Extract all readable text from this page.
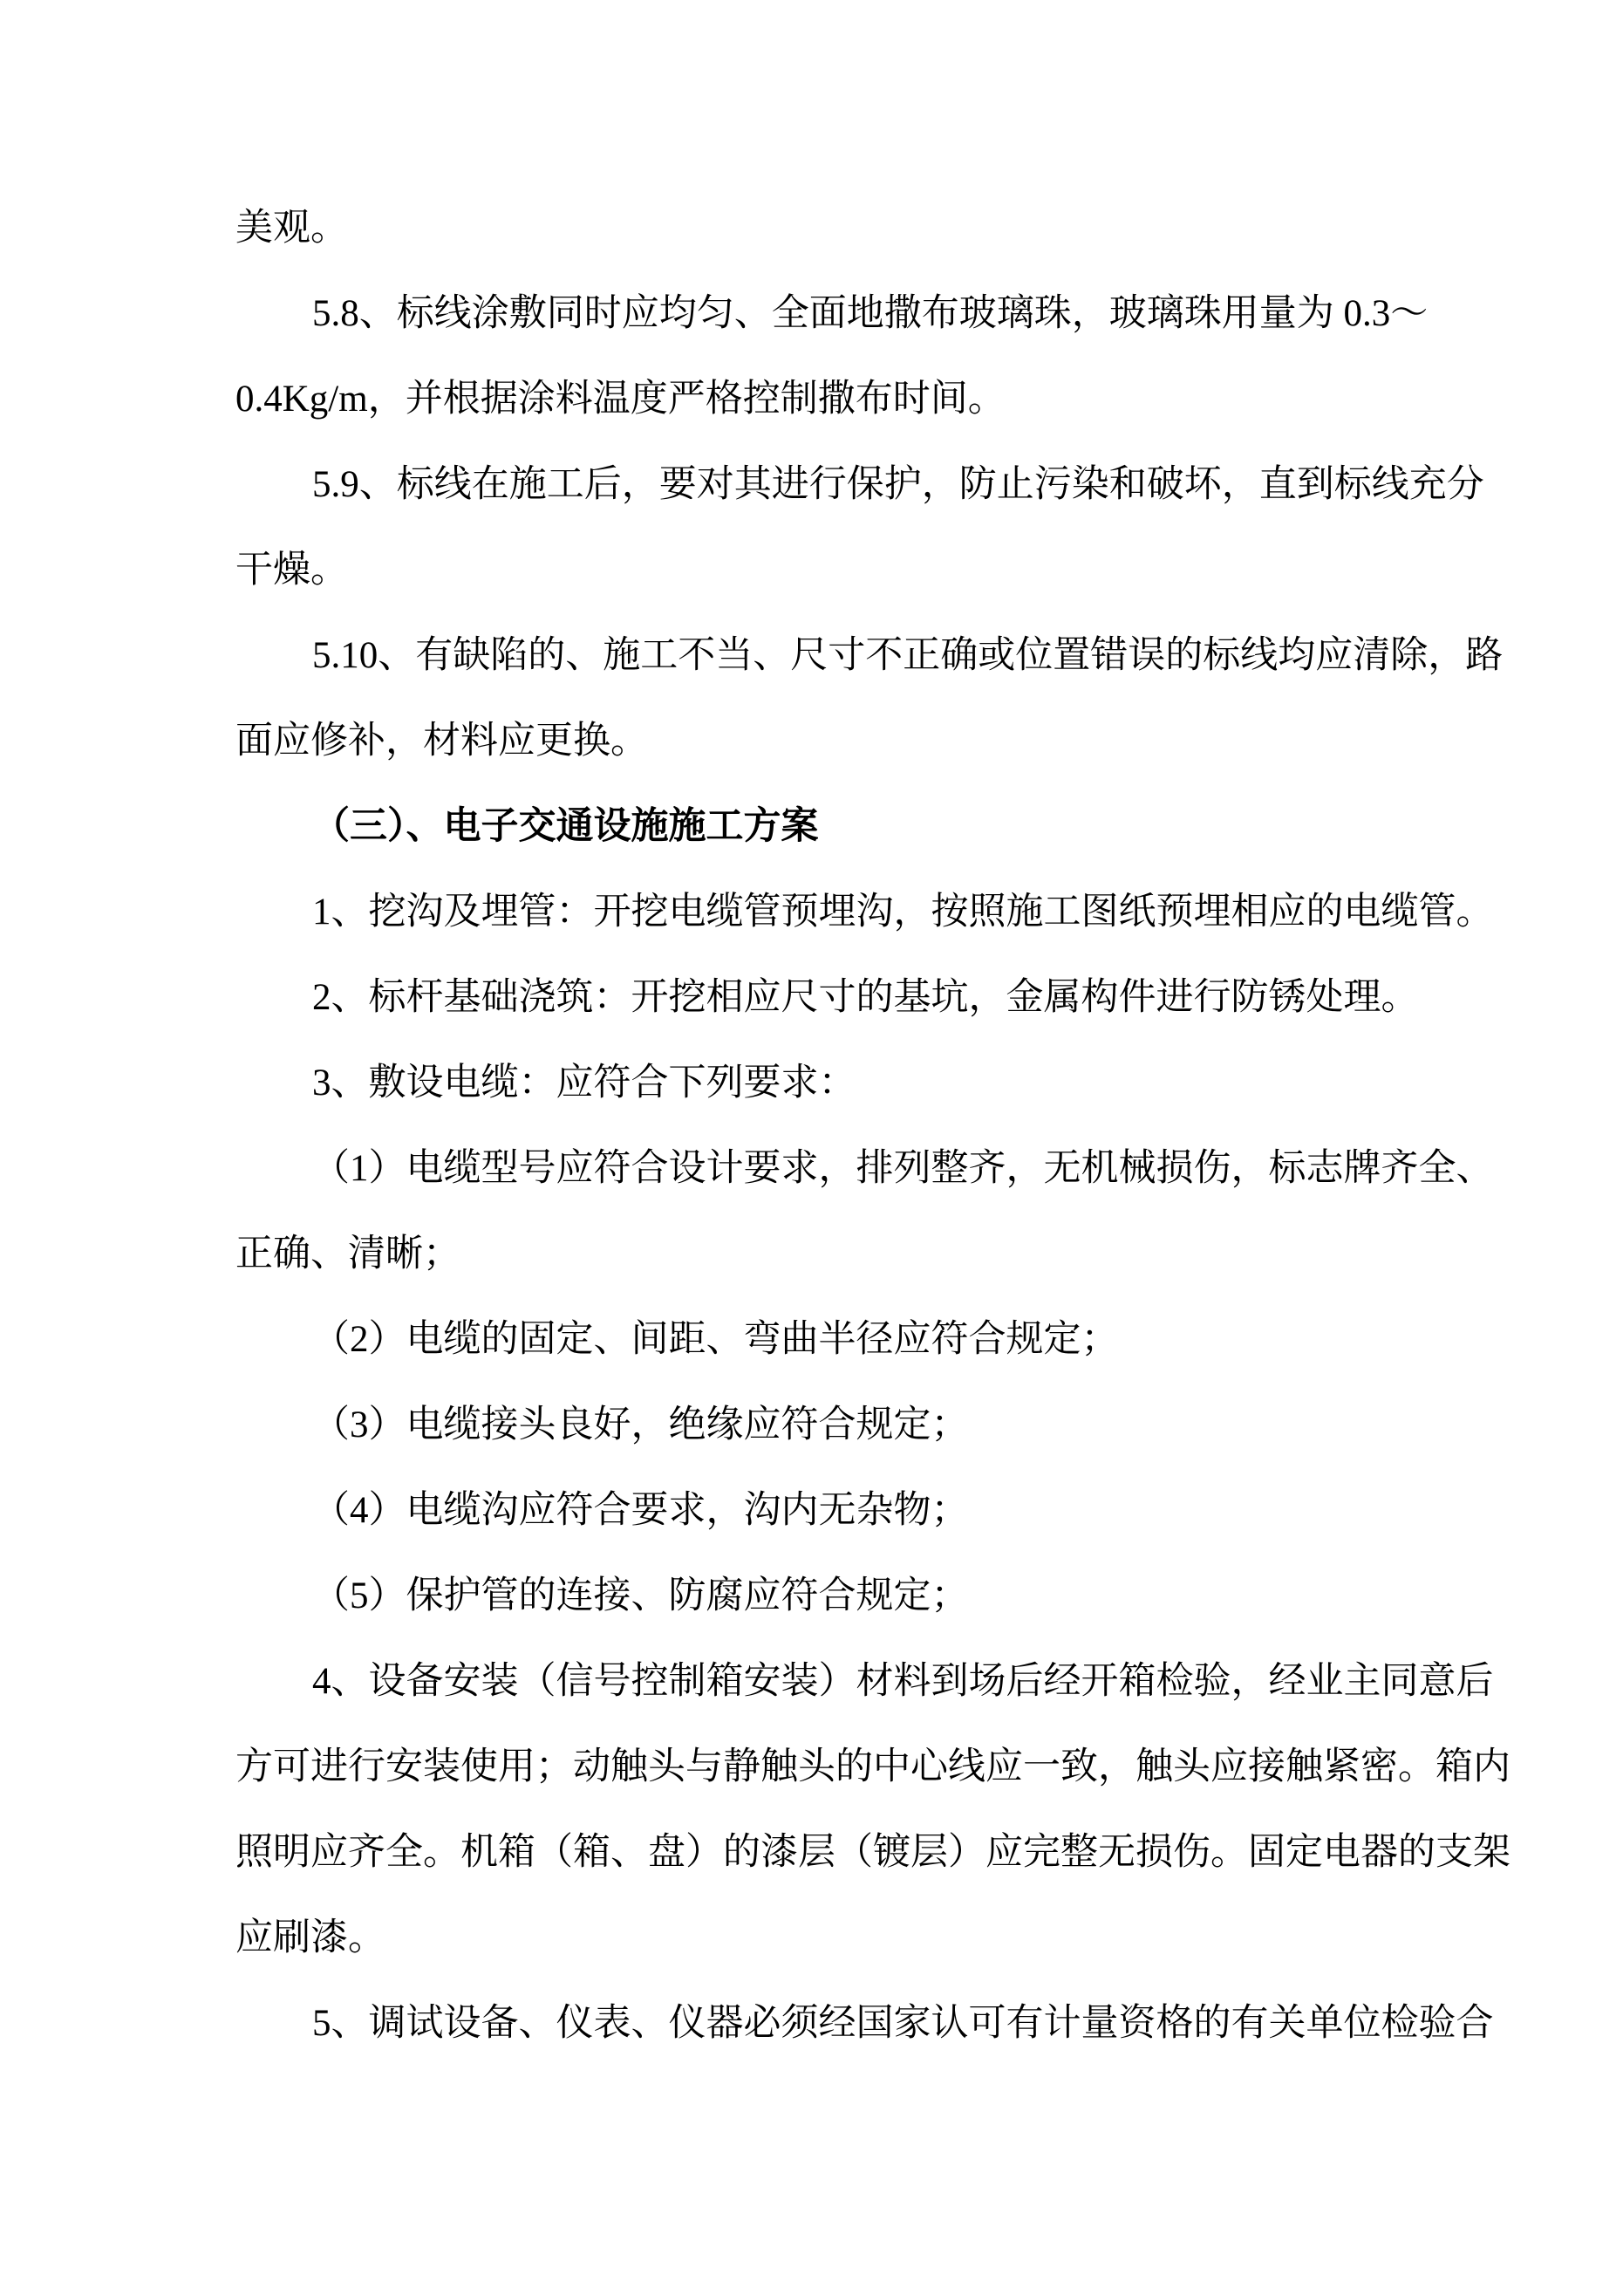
美观。
5.8、标线涂敷同时应均匀、全面地撒布玻璃珠，玻璃珠用量为 0.3〜
0.4Kg/m，并根据涂料温度严格控制撒布时间。
5.9、标线在施工后，要对其进行保护，防止污染和破坏，直到标线充分
干燥。
5.10、有缺陷的、施工不当、尺寸不正确或位置错误的标线均应清除，路
面应修补，材料应更换。
（三）、电子交通设施施工方案
1、挖沟及埋管：开挖电缆管预埋沟，按照施工图纸预埋相应的电缆管。
2、标杆基础浇筑：开挖相应尺寸的基坑，金属构件进行防锈处理。
3、敷设电缆：应符合下列要求：
（1）电缆型号应符合设计要求，排列整齐，无机械损伤，标志牌齐全、
正确、清晰；
（2）电缆的固定、间距、弯曲半径应符合规定；
（3）电缆接头良好，绝缘应符合规定；
（4）电缆沟应符合要求，沟内无杂物；
（5）保护管的连接、防腐应符合规定；
4、设备安装（信号控制箱安装）材料到场后经开箱检验，经业主同意后
方可进行安装使用；动触头与静触头的中心线应一致，触头应接触紧密。箱内
照明应齐全。机箱（箱、盘）的漆层（镀层）应完整无损伤。固定电器的支架
应刷漆。
5、调试设备、仪表、仪器必须经国家认可有计量资格的有关单位检验合
